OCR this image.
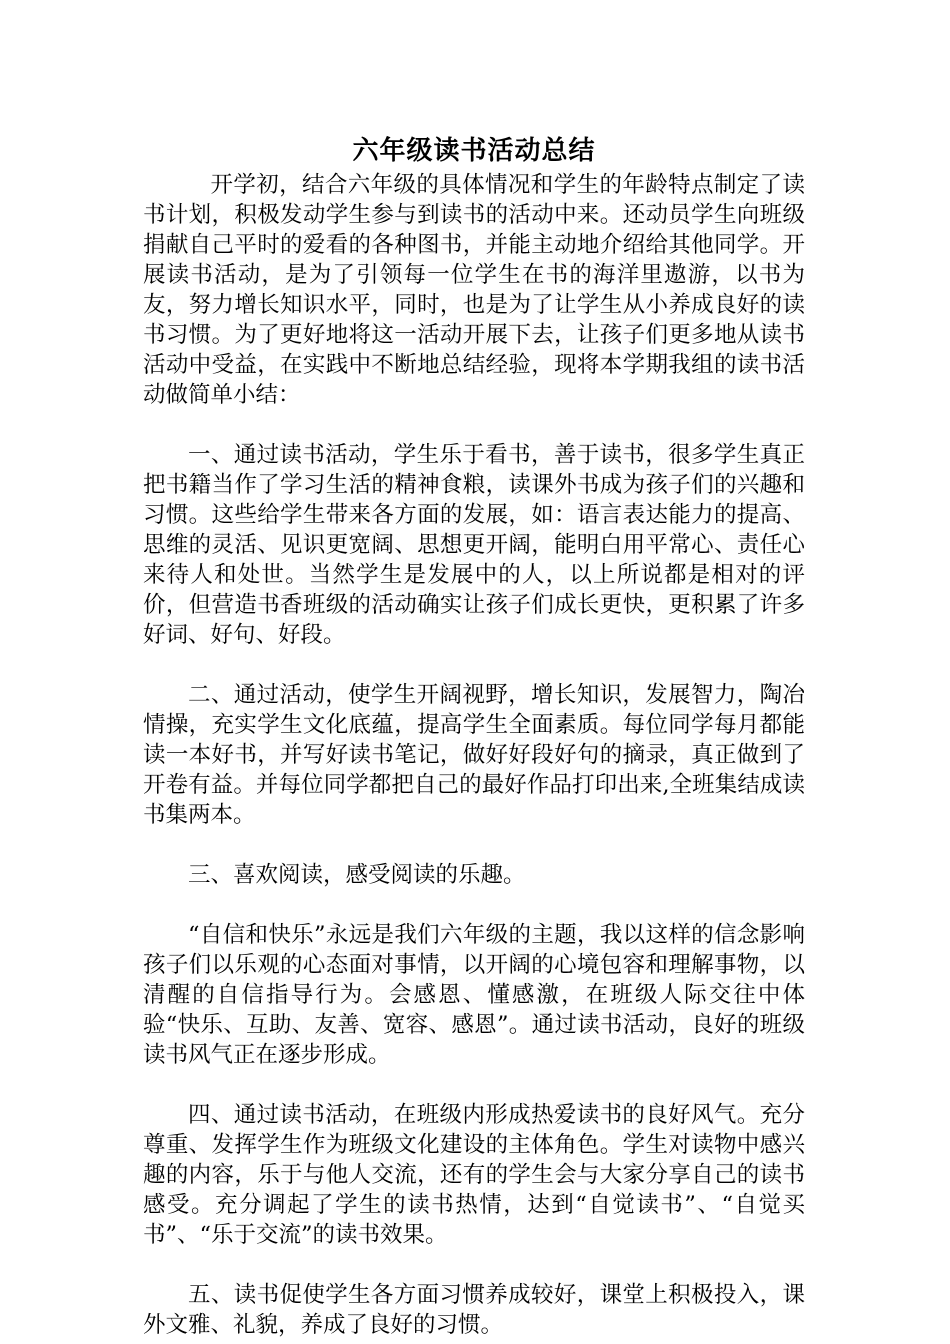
六年级读书活动总结

开学初，结合六年级的具体情况和学生的年龄特点制定了读书计划，积极发动学生参与到读书的活动中来。还动员学生向班级捐献自己平时的爱看的各种图书，并能主动地介绍给其他同学。开展读书活动，是为了引领每一位学生在书的海洋里遨游，以书为友，努力增长知识水平，同时，也是为了让学生从小养成良好的读书习惯。为了更好地将这一活动开展下去，让孩子们更多地从读书活动中受益，在实践中不断地总结经验，现将本学期我组的读书活动做简单小结：

一、通过读书活动，学生乐于看书，善于读书，很多学生真正把书籍当作了学习生活的精神食粮，读课外书成为孩子们的兴趣和习惯。这些给学生带来各方面的发展，如：语言表达能力的提高、思维的灵活、见识更宽阔、思想更开阔，能明白用平常心、责任心来待人和处世。当然学生是发展中的人，以上所说都是相对的评价，但营造书香班级的活动确实让孩子们成长更快，更积累了许多好词、好句、好段。

二、通过活动，使学生开阔视野，增长知识，发展智力，陶冶情操，充实学生文化底蕴，提高学生全面素质。每位同学每月都能读一本好书，并写好读书笔记，做好好段好句的摘录，真正做到了开卷有益。并每位同学都把自己的最好作品打印出来,全班集结成读书集两本。

三、喜欢阅读，感受阅读的乐趣。

“自信和快乐”永远是我们六年级的主题，我以这样的信念影响孩子们以乐观的心态面对事情，以开阔的心境包容和理解事物，以清醒的自信指导行为。会感恩、懂感激，在班级人际交往中体验“快乐、互助、友善、宽容、感恩”。通过读书活动，良好的班级读书风气正在逐步形成。

四、通过读书活动，在班级内形成热爱读书的良好风气。充分尊重、发挥学生作为班级文化建设的主体角色。学生对读物中感兴趣的内容，乐于与他人交流，还有的学生会与大家分享自己的读书感受。充分调起了学生的读书热情，达到“自觉读书”、“自觉买书”、“乐于交流”的读书效果。

五、读书促使学生各方面习惯养成较好，课堂上积极投入，课外文雅、礼貌，养成了良好的习惯。
